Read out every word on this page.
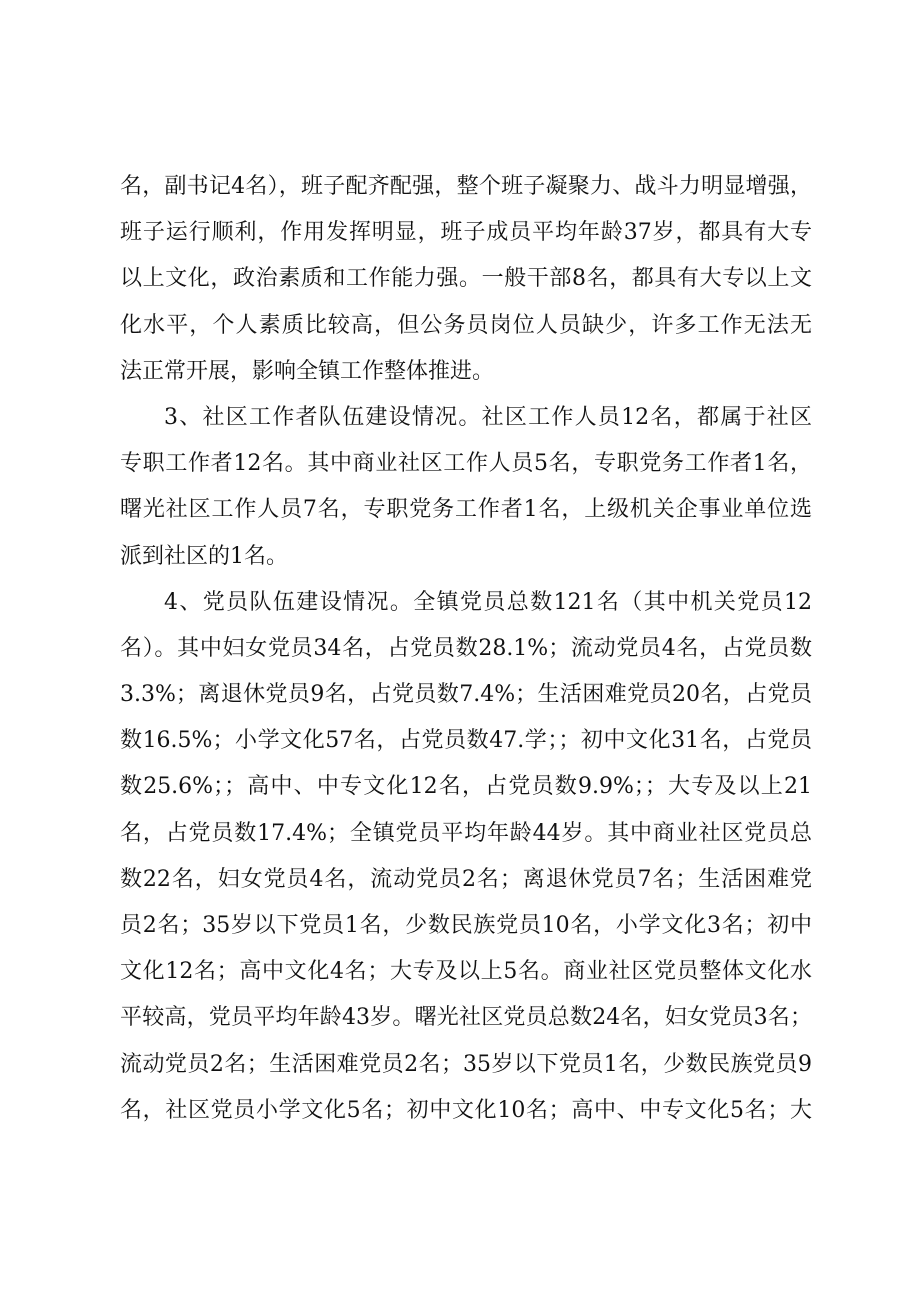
名，副书记4名），班子配齐配强，整个班子凝聚力、战斗力明显增强，
班子运行顺利，作用发挥明显，班子成员平均年龄37岁，都具有大专
以上文化，政治素质和工作能力强。一般干部8名，都具有大专以上文
化水平，个人素质比较高，但公务员岗位人员缺少，许多工作无法无
法正常开展，影响全镇工作整体推进。
3、社区工作者队伍建设情况。社区工作人员12名，都属于社区
专职工作者12名。其中商业社区工作人员5名，专职党务工作者1名，
曙光社区工作人员7名，专职党务工作者1名，上级机关企事业单位选
派到社区的1名。
4、党员队伍建设情况。全镇党员总数121名（其中机关党员12
名）。其中妇女党员34名，占党员数28.1%；流动党员4名，占党员数
3.3%；离退休党员9名，占党员数7.4%；生活困难党员20名，占党员
数16.5%；小学文化57名，占党员数47.学；；初中文化31名，占党员
数25.6%；；高中、中专文化12名，占党员数9.9%；；大专及以上21
名，占党员数17.4%；全镇党员平均年龄44岁。其中商业社区党员总
数22名，妇女党员4名，流动党员2名；离退休党员7名；生活困难党
员2名；35岁以下党员1名，少数民族党员10名，小学文化3名；初中
文化12名；高中文化4名；大专及以上5名。商业社区党员整体文化水
平较高，党员平均年龄43岁。曙光社区党员总数24名，妇女党员3名；
流动党员2名；生活困难党员2名；35岁以下党员1名，少数民族党员9
名，社区党员小学文化5名；初中文化10名；高中、中专文化5名；大
